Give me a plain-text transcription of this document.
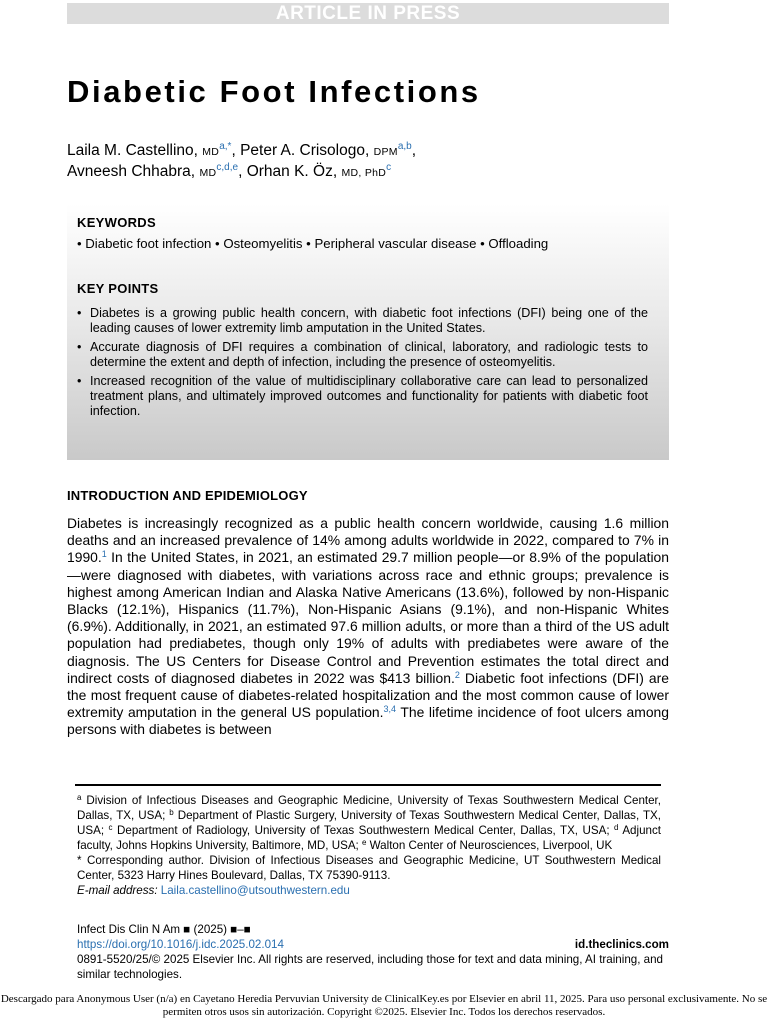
ARTICLE IN PRESS
Diabetic Foot Infections
Laila M. Castellino, $MD^{a,*}$, Peter A. Crisologo, DPM$^{a,b}$,
Avneesh Chhabra, MD$^{c,d,e}$, Orhan K. Öz, MD, PhD$^c$
KEYWORDS

• Diabetic foot infection • Osteomyelitis • Peripheral vascular disease • Offloading

KEY POINTS
• Diabetes is a growing public health concern, with diabetic foot infections (DFI) being one of the leading causes of lower extremity limb amputation in the United States.
• Accurate diagnosis of DFI requires a combination of clinical, laboratory, and radiologic tests to determine the extent and depth of infection, including the presence of osteomyelitis.
• Increased recognition of the value of multidisciplinary collaborative care can lead to personalized treatment plans, and ultimately improved outcomes and functionality for patients with diabetic foot infection.
INTRODUCTION AND EPIDEMIOLOGY

Diabetes is increasingly recognized as a public health concern worldwide, causing 1.6 million deaths and an increased prevalence of 14% among adults worldwide in 2022, compared to 7% in 1990.$^1$ In the United States, in 2021, an estimated 29.7 million people—or 8.9% of the population—were diagnosed with diabetes, with variations across race and ethnic groups; prevalence is highest among American Indian and Alaska Native Americans (13.6%), followed by non-Hispanic Blacks (12.1%), Hispanics (11.7%), Non-Hispanic Asians (9.1%), and non-Hispanic Whites (6.9%). Additionally, in 2021, an estimated 97.6 million adults, or more than a third of the US adult population had prediabetes, though only 19% of adults with prediabetes were aware of the diagnosis. The US Centers for Disease Control and Prevention estimates the total direct and indirect costs of diagnosed diabetes in 2022 was $413 billion.$^2$ Diabetic foot infections (DFI) are the most frequent cause of diabetes-related hospitalization and the most common cause of lower extremity amputation in the general US population.$^{3,4}$ The lifetime incidence of foot ulcers among persons with diabetes is between

$^a$ Division of Infectious Diseases and Geographic Medicine, University of Texas Southwestern Medical Center, Dallas, TX, USA; $^b$ Department of Plastic Surgery, University of Texas Southwestern Medical Center, Dallas, TX, USA; $^c$ Department of Radiology, University of Texas Southwestern Medical Center, Dallas, TX, USA; $^d$ Adjunct faculty, Johns Hopkins University, Baltimore, MD, USA; $^e$ Walton Center of Neurosciences, Liverpool, UK
* Corresponding author. Division of Infectious Diseases and Geographic Medicine, UT Southwestern Medical Center, 5323 Harry Hines Boulevard, Dallas, TX 75390-9113.
E-mail address: Laila.castellino@utsouthwestern.edu
Infect Dis Clin N Am ■ (2025) ■–■
https://doi.org/10.1016/j.idc.2025.02.014	id.theclinics.com
0891-5520/25/© 2025 Elsevier Inc. All rights are reserved, including those for text and data mining, AI training, and similar technologies.

Descargado para Anonymous User (n/a) en Cayetano Heredia Pervuvian University de ClinicalKey.es por Elsevier en abril 11, 2025. Para uso personal exclusivamente. No se permiten otros usos sin autorización. Copyright ©2025. Elsevier Inc. Todos los derechos reservados.
